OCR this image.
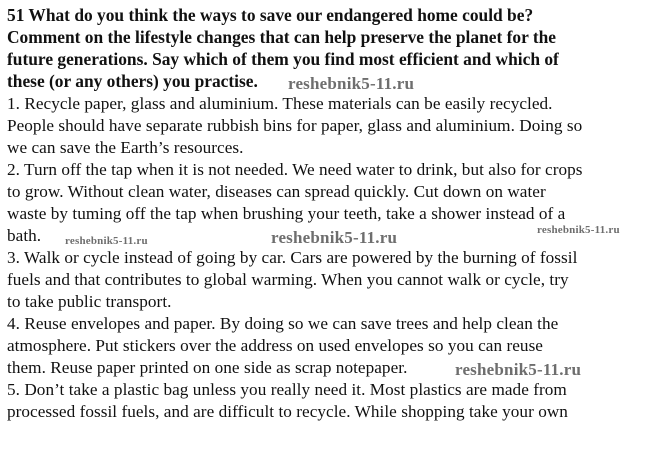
51 What do you think the ways to save our endangered home could be?
Comment on the lifestyle changes that can help preserve the planet for the
future generations. Say which of them you find most efficient and which of
these (or any others) you practise.
1. Recycle paper, glass and aluminium. These materials can be easily recycled.
People should have separate rubbish bins for paper, glass and aluminium. Doing so
we can save the Earth’s resources.
2. Turn off the tap when it is not needed. We need water to drink, but also for crops
to grow. Without clean water, diseases can spread quickly. Cut down on water
waste by tuming off the tap when brushing your teeth, take a shower instead of a
bath.
3. Walk or cycle instead of going by car. Cars are powered by the burning of fossil
fuels and that contributes to global warming. When you cannot walk or cycle, try
to take public transport.
4. Reuse envelopes and paper. By doing so we can save trees and help clean the
atmosphere. Put stickers over the address on used envelopes so you can reuse
them. Reuse paper printed on one side as scrap notepaper.
5. Don’t take a plastic bag unless you really need it. Most plastics are made from
processed fossil fuels, and are difficult to recycle. While shopping take your own
reshebnik5-11.ru
reshebnik5-11.ru	reshebnik5-11.ru	reshebnik5-11.ru
reshebnik5-11.ru
